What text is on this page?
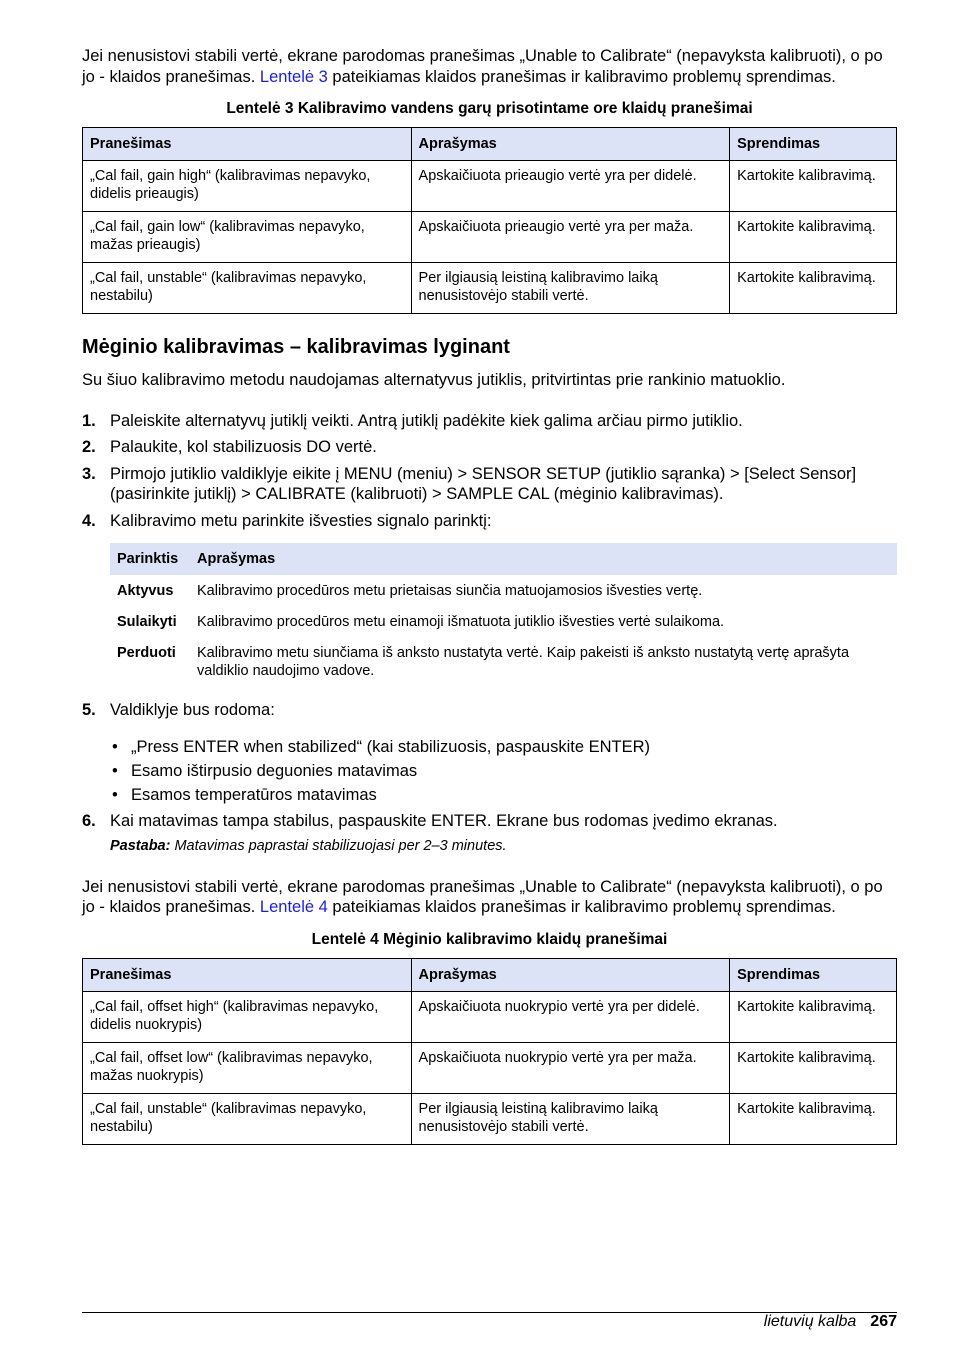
Jei nenusistovi stabili vertė, ekrane parodomas pranešimas „Unable to Calibrate“ (nepavyksta kalibruoti), o po jo - klaidos pranešimas. Lentelė 3 pateikiamas klaidos pranešimas ir kalibravimo problemų sprendimas.

Lentelė 3 Kalibravimo vandens garų prisotintame ore klaidų pranešimai
Pranešimas	Aprašymas	Sprendimas
„Cal fail, gain high“ (kalibravimas nepavyko, didelis prieaugis)	Apskaičiuota prieaugio vertė yra per didelė.	Kartokite kalibravimą.
„Cal fail, gain low“ (kalibravimas nepavyko, mažas prieaugis)	Apskaičiuota prieaugio vertė yra per maža.	Kartokite kalibravimą.
„Cal fail, unstable“ (kalibravimas nepavyko, nestabilu)	Per ilgiausią leistiną kalibravimo laiką nenusistovėjo stabili vertė.	Kartokite kalibravimą.
Mėginio kalibravimas – kalibravimas lyginant

Su šiuo kalibravimo metodu naudojamas alternatyvus jutiklis, pritvirtintas prie rankinio matuoklio.

1. Paleiskite alternatyvų jutiklį veikti. Antrą jutiklį padėkite kiek galima arčiau pirmo jutiklio.
2. Palaukite, kol stabilizuosis DO vertė.
3. Pirmojo jutiklio valdiklyje eikite į MENU (meniu) > SENSOR SETUP (jutiklio sąranka) > [Select Sensor] (pasirinkite jutiklį) > CALIBRATE (kalibruoti) > SAMPLE CAL (mėginio kalibravimas).
4. Kalibravimo metu parinkite išvesties signalo parinktį:
Parinktis	Aprašymas
Aktyvus	Kalibravimo procedūros metu prietaisas siunčia matuojamosios išvesties vertę.
Sulaikyti	Kalibravimo procedūros metu einamoji išmatuota jutiklio išvesties vertė sulaikoma.
Perduoti	Kalibravimo metu siunčiama iš anksto nustatyta vertė. Kaip pakeisti iš anksto nustatytą vertę aprašyta valdiklio naudojimo vadove.
5. Valdiklyje bus rodoma:
• „Press ENTER when stabilized“ (kai stabilizuosis, paspauskite ENTER)
• Esamo ištirpusio deguonies matavimas
• Esamos temperatūros matavimas
6. Kai matavimas tampa stabilus, paspauskite ENTER. Ekrane bus rodomas įvedimo ekranas.
Pastaba: Matavimas paprastai stabilizuojasi per 2–3 minutes.

Jei nenusistovi stabili vertė, ekrane parodomas pranešimas „Unable to Calibrate“ (nepavyksta kalibruoti), o po jo - klaidos pranešimas. Lentelė 4 pateikiamas klaidos pranešimas ir kalibravimo problemų sprendimas.

Lentelė 4 Mėginio kalibravimo klaidų pranešimai
Pranešimas	Aprašymas	Sprendimas
„Cal fail, offset high“ (kalibravimas nepavyko, didelis nuokrypis)	Apskaičiuota nuokrypio vertė yra per didelė.	Kartokite kalibravimą.
„Cal fail, offset low“ (kalibravimas nepavyko, mažas nuokrypis)	Apskaičiuota nuokrypio vertė yra per maža.	Kartokite kalibravimą.
„Cal fail, unstable“ (kalibravimas nepavyko, nestabilu)	Per ilgiausią leistiną kalibravimo laiką nenusistovėjo stabili vertė.	Kartokite kalibravimą.
lietuvių kalba 267
